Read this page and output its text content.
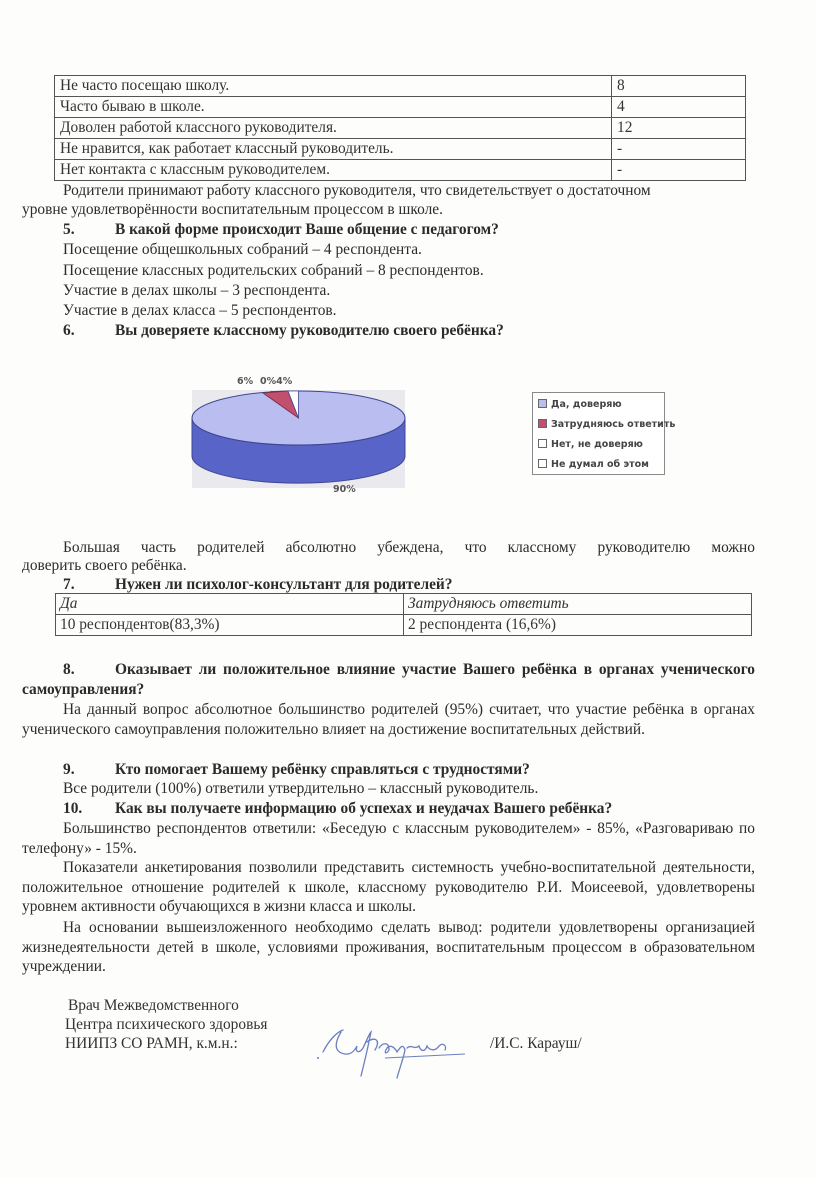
Не часто посещаю школу.	8
Часто бываю в школе.	4
Доволен работой классного руководителя.	12
Не нравится, как работает классный руководитель.	-
Нет контакта с классным руководителем.	-
Родители принимают работу классного руководителя, что свидетельствует о достаточном
уровне удовлетворённости воспитательным процессом в школе.
5.	В какой форме происходит Ваше общение с педагогом?
Посещение общешкольных собраний – 4 респондента.
Посещение классных родительских собраний – 8 респондентов.
Участие в делах школы – 3 респондента.
Участие в делах класса – 5 респондентов.
6.	Вы доверяете классному руководителю своего ребёнка?
6% 0%4%
90%
Да, доверяю
Затрудняюсь ответить
Нет, не доверяю
Не думал об этом
Большая часть родителей абсолютно убеждена, что классному руководителю можно
доверить своего ребёнка.
7.	Нужен ли психолог-консультант для родителей?
Да	Затрудняюсь ответить
10 респондентов(83,3%)	2 респондента (16,6%)
8.	Оказывает ли положительное влияние участие Вашего ребёнка в органах ученического самоуправления?
На данный вопрос абсолютное большинство родителей (95%) считает, что участие ребёнка в органах ученического самоуправления положительно влияет на достижение воспитательных действий.
9.	Кто помогает Вашему ребёнку справляться с трудностями?
Все родители (100%) ответили утвердительно – классный руководитель.
10. Как вы получаете информацию об успехах и неудачах Вашего ребёнка?
Большинство респондентов ответили: «Беседую с классным руководителем» - 85%, «Разговариваю по телефону» - 15%.
Показатели анкетирования позволили представить системность учебно-воспитательной деятельности, положительное отношение родителей к школе, классному руководителю Р.И. Моисеевой, удовлетворены уровнем активности обучающихся в жизни класса и школы.
На основании вышеизложенного необходимо сделать вывод: родители удовлетворены организацией жизнедеятельности детей в школе, условиями проживания, воспитательным процессом в образовательном учреждении.
Врач Межведомственного
Центра психического здоровья
НИИПЗ СО РАМН, к.м.н.:	/И.С. Карауш/
